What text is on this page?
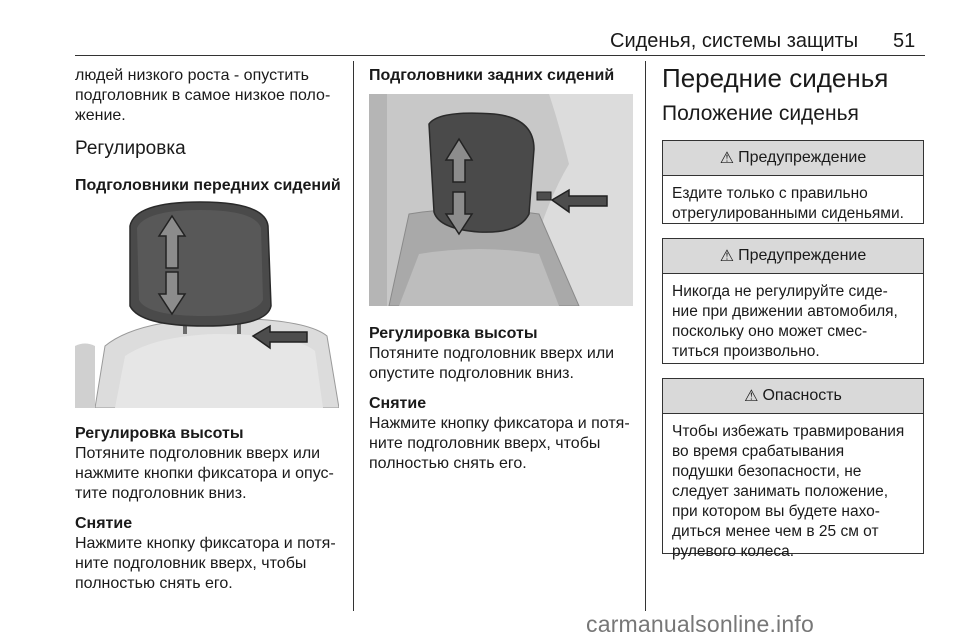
Сиденья, системы защиты 51

людей низкого роста - опустить

подголовник в самое низкое поло-

жение.

Регулировка

Подголовники передних сидений

Регулировка высоты

Потяните подголовник вверх или

нажмите кнопки фиксатора и опус-

тите подголовник вниз.

Снятие

Нажмите кнопку фиксатора и потя-

ните подголовник вверх, чтобы

полностью снять его.

Подголовники задних сидений

Регулировка высоты

Потяните подголовник вверх или

опустите подголовник вниз.

Снятие

Нажмите кнопку фиксатора и потя-

ните подголовник вверх, чтобы

полностью снять его.

Передние сиденья

Положение сиденья

⚠ Предупреждение
Ездите только с правильно
отрегулированными сиденьями.
⚠ Предупреждение
Никогда не регулируйте сиде-
ние при движении автомобиля,
поскольку оно может смес-
титься произвольно.
⚠ Опасность
Чтобы избежать травмирования
во время срабатывания
подушки безопасности, не
следует занимать положение,
при котором вы будете нахо-
диться менее чем в 25 см от
рулевого колеса.
carmanualsonline.info
